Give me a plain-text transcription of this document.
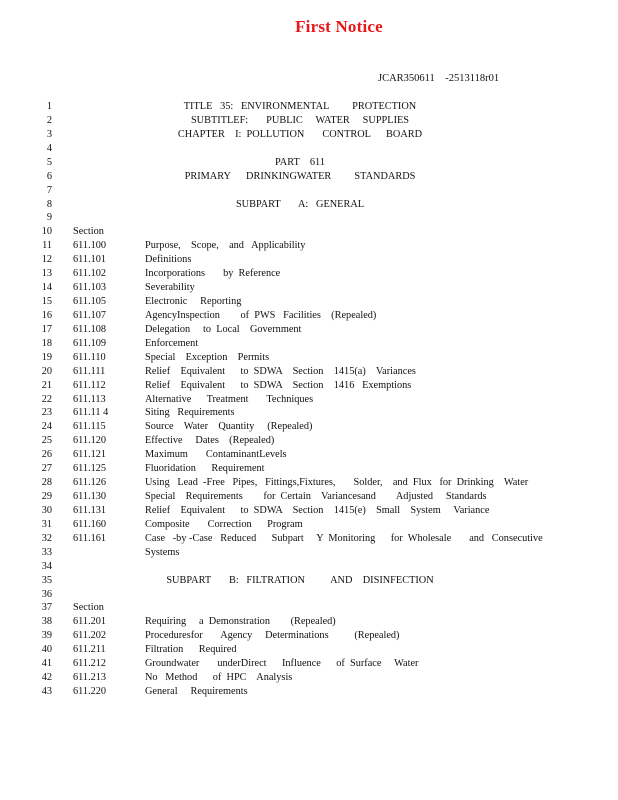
First Notice
JCAR350611    -2513118r01
1	TITLE   35:   ENVIRONMENTAL         PROTECTION
2	SUBTITLEF:       PUBLIC     WATER     SUPPLIES
3	CHAPTER    I:  POLLUTION       CONTROL      BOARD
4
5	PART    611
6	PRIMARY      DRINKINGWATER         STANDARDS
7
8	SUBPART       A:   GENERAL
9
10 Section
11 611.100	Purpose,    Scope,    and   Applicability
12 611.101	Definitions
13 611.102	Incorporations       by  Reference
14 611.103	Severability
15 611.105	Electronic     Reporting
16 611.107	AgencyInspection        of  PWS   Facilities    (Repealed)
17 611.108	Delegation     to  Local    Government
18 611.109	Enforcement
19 611.110	Special    Exception    Permits
20 611.111	Relief    Equivalent      to  SDWA    Section    1415(a)    Variances
21 611.112	Relief    Equivalent      to  SDWA    Section    1416   Exemptions
22 611.113	Alternative      Treatment       Techniques
23 611.11 4	Siting   Requirements
24 611.115	Source    Water    Quantity     (Repealed)
25 611.120	Effective     Dates    (Repealed)
26 611.121	Maximum       ContaminantLevels
27 611.125	Fluoridation      Requirement
28 611.126	Using   Lead  -Free   Pipes,   Fittings,Fixtures,       Solder,    and  Flux   for  Drinking    Water
29 611.130	Special    Requirements        for  Certain    Variancesand        Adjusted     Standards
30 611.131	Relief    Equivalent      to  SDWA    Section    1415(e)    Small    System     Variance
31 611.160	Composite       Correction      Program
32 611.161	Case   -by -Case   Reduced      Subpart     Y  Monitoring      for  Wholesale       and   Consecutive
33	Systems
34
35	SUBPART       B:   FILTRATION          AND    DISINFECTION
36
37 Section
38 611.201	Requiring     a  Demonstration        (Repealed)
39 611.202	Proceduresfor       Agency     Determinations          (Repealed)
40 611.211	Filtration      Required
41 611.212	Groundwater       underDirect      Influence      of  Surface     Water
42 611.213	No   Method      of  HPC    Analysis
43 611.220	General     Requirements
